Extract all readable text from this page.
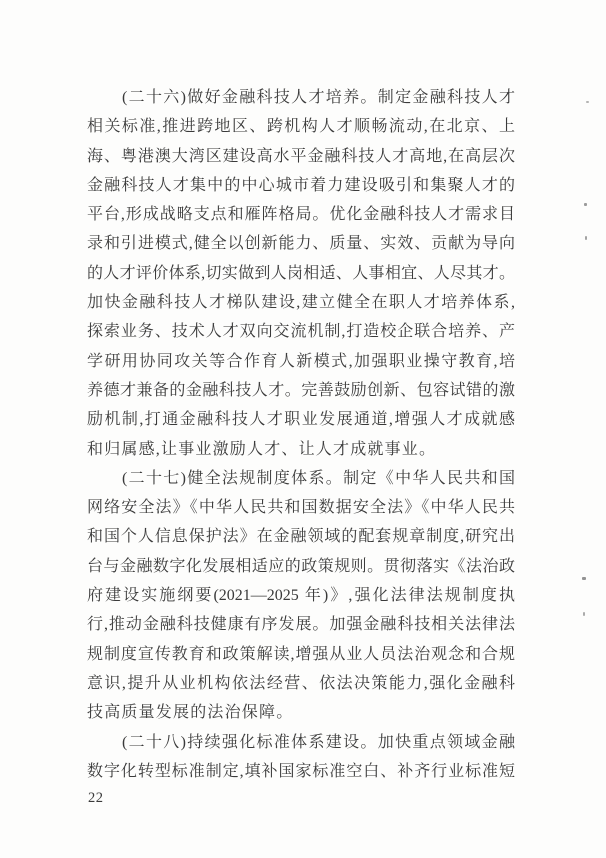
(二十六)做好金融科技人才培养。制定金融科技人才
相关标准,推进跨地区、跨机构人才顺畅流动,在北京、上
海、粤港澳大湾区建设高水平金融科技人才高地,在高层次
金融科技人才集中的中心城市着力建设吸引和集聚人才的
平台,形成战略支点和雁阵格局。优化金融科技人才需求目
录和引进模式,健全以创新能力、质量、实效、贡献为导向
的人才评价体系,切实做到人岗相适、人事相宜、人尽其才。
加快金融科技人才梯队建设,建立健全在职人才培养体系,
探索业务、技术人才双向交流机制,打造校企联合培养、产
学研用协同攻关等合作育人新模式,加强职业操守教育,培
养德才兼备的金融科技人才。完善鼓励创新、包容试错的激
励机制,打通金融科技人才职业发展通道,增强人才成就感
和归属感,让事业激励人才、让人才成就事业。
(二十七)健全法规制度体系。制定《中华人民共和国
网络安全法》《中华人民共和国数据安全法》《中华人民共
和国个人信息保护法》在金融领域的配套规章制度,研究出
台与金融数字化发展相适应的政策规则。贯彻落实《法治政
府建设实施纲要(2021—2025 年)》,强化法律法规制度执
行,推动金融科技健康有序发展。加强金融科技相关法律法
规制度宣传教育和政策解读,增强从业人员法治观念和合规
意识,提升从业机构依法经营、依法决策能力,强化金融科
技高质量发展的法治保障。
(二十八)持续强化标准体系建设。加快重点领域金融
数字化转型标准制定,填补国家标准空白、补齐行业标准短
22
